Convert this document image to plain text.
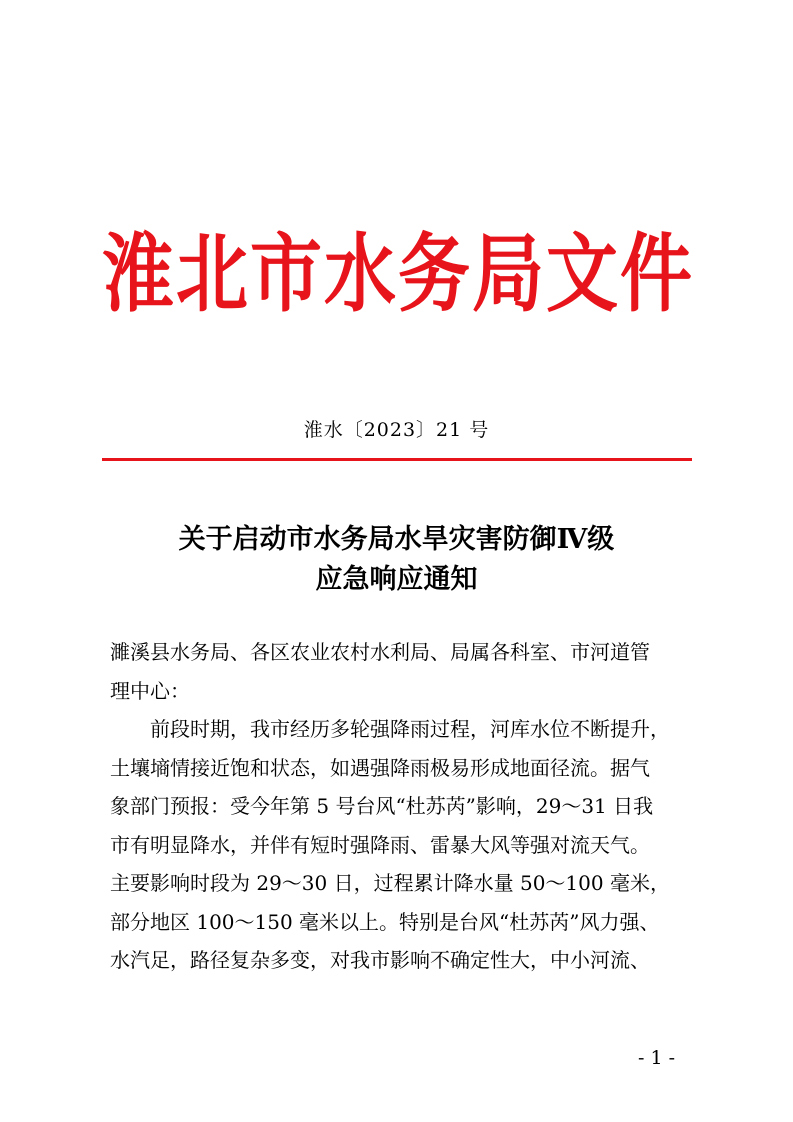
淮北市水务局文件
淮水〔2023〕21 号
关于启动市水务局水旱灾害防御Ⅳ级
应急响应通知
濉溪县水务局、各区农业农村水利局、局属各科室、市河道管
理中心：
前段时期，我市经历多轮强降雨过程，河库水位不断提升，
土壤墒情接近饱和状态，如遇强降雨极易形成地面径流。据气
象部门预报：受今年第 5 号台风“杜苏芮”影响，29～31 日我
市有明显降水，并伴有短时强降雨、雷暴大风等强对流天气。
主要影响时段为 29～30 日，过程累计降水量 50～100 毫米，
部分地区 100～150 毫米以上。特别是台风“杜苏芮”风力强、
水汽足，路径复杂多变，对我市影响不确定性大，中小河流、
- 1 -
